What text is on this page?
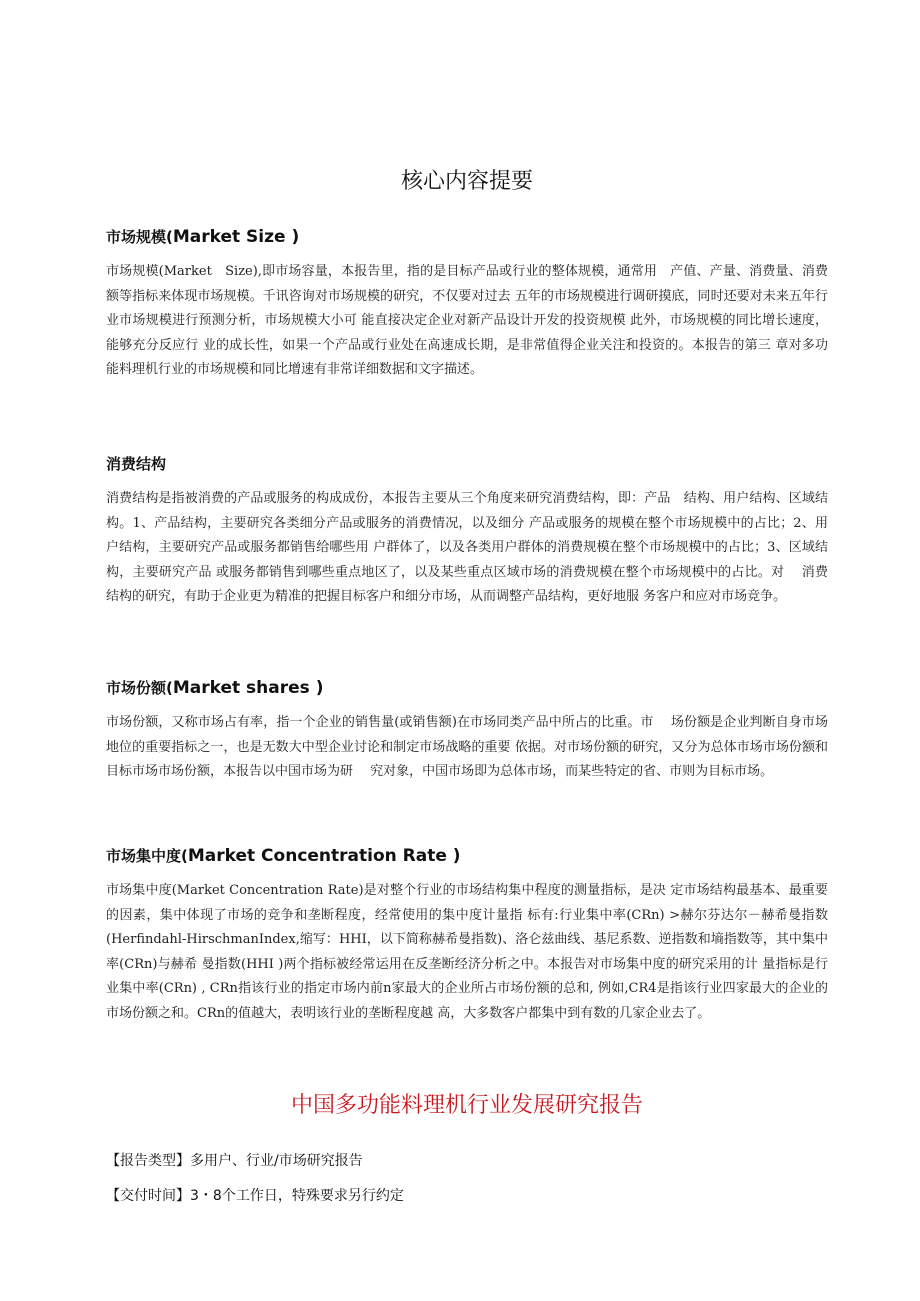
核心内容提要
市场规模(Market Size )

市场规模(Market　Size),即市场容量，本报告里，指的是目标产品或行业的整体规模，通常用　产值、产量、消费量、消费额等指标来体现市场规模。千讯咨询对市场规模的研究，不仅要对过去 五年的市场规模进行调研摸底，同时还要对未来五年行业市场规模进行预测分析，市场规模大小可 能直接决定企业对新产品设计开发的投资规模 此外，市场规模的同比增长速度，能够充分反应行 业的成长性，如果一个产品或行业处在高速成长期，是非常值得企业关注和投资的。本报告的第三 章对多功能料理机行业的市场规模和同比增速有非常详细数据和文字描述。

消费结构

消费结构是指被消费的产品或服务的构成成份，本报告主要从三个角度来研究消费结构，即：产品　结构、用户结构、区域结构。1、产品结构，主要研究各类细分产品或服务的消费情况，以及细分 产品或服务的规模在整个市场规模中的占比；2、用户结构，主要研究产品或服务都销售给哪些用 户群体了，以及各类用户群体的消费规模在整个市场规模中的占比；3、区域结构，主要研究产品 或服务都销售到哪些重点地区了，以及某些重点区域市场的消费规模在整个市场规模中的占比。对　 消费结构的研究，有助于企业更为精准的把握目标客户和细分市场，从而调整产品结构，更好地服 务客户和应对市场竞争。

市场份额(Market shares )

市场份额，又称市场占有率，指一个企业的销售量(或销售额)在市场同类产品中所占的比重。市　 场份额是企业判断自身市场地位的重要指标之一，也是无数大中型企业讨论和制定市场战略的重要 依据。对市场份额的研究，又分为总体市场市场份额和目标市场市场份额，本报告以中国市场为研　 究对象，中国市场即为总体市场，而某些特定的省、市则为目标市场。

市场集中度(Market Concentration Rate )

市场集中度(Market Concentration Rate)是对整个行业的市场结构集中程度的测量指标，是决 定市场结构最基本、最重要的因素，集中体现了市场的竞争和垄断程度，经常使用的集中度计量指 标有:行业集中率(CRn) >赫尔芬达尔－赫希曼指数(Herfindahl-HirschmanIndex,缩写：HHI，以下简称赫希曼指数)、洛仑兹曲线、基尼系数、逆指数和墒指数等，其中集中率(CRn)与赫希 曼指数(HHI )两个指标被经常运用在反垄断经济分析之中。本报告对市场集中度的研究采用的计 量指标是行业集中率(CRn) , CRn指该行业的指定市场内前n家最大的企业所占市场份额的总和, 例如,CR4是指该行业四家最大的企业的市场份额之和。CRn的值越大，表明该行业的垄断程度越 高，大多数客户都集中到有数的几家企业去了。

中国多功能料理机行业发展研究报告
【报告类型】多用户、行业/市场研究报告
【交付时间】3・8个工作日，特殊要求另行约定
